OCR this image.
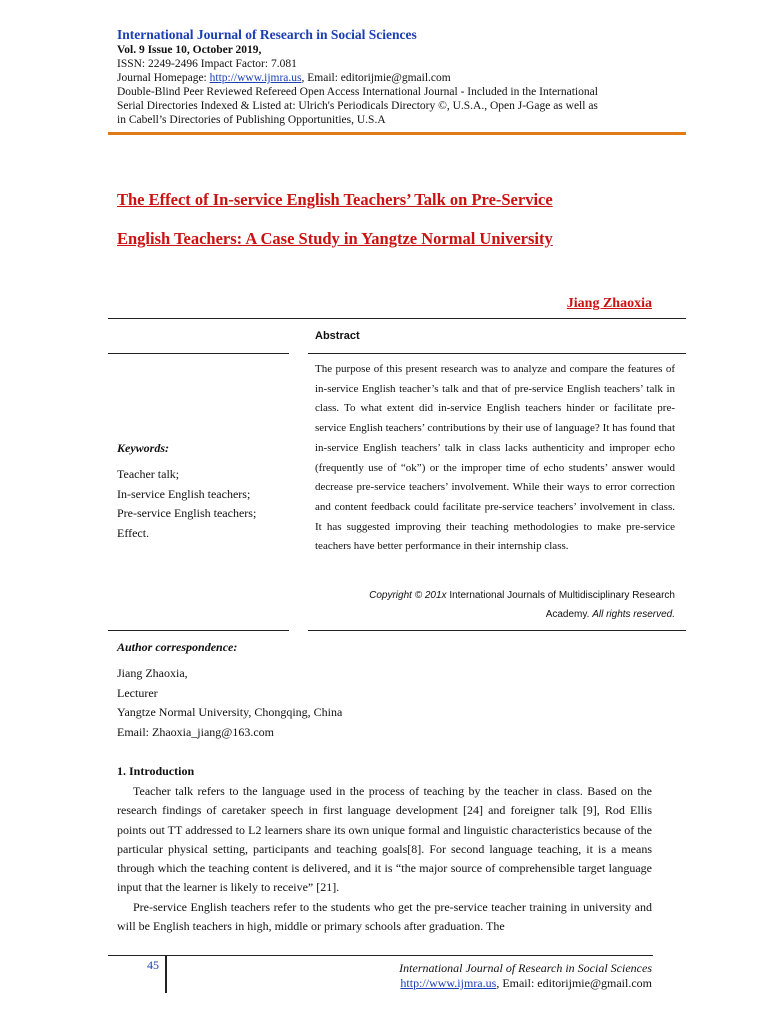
International Journal of Research in Social Sciences
Vol. 9 Issue 10, October 2019,
ISSN: 2249-2496 Impact Factor: 7.081
Journal Homepage: http://www.ijmra.us, Email: editorijmie@gmail.com
Double-Blind Peer Reviewed Refereed Open Access International Journal - Included in the International
Serial Directories Indexed & Listed at: Ulrich's Periodicals Directory ©, U.S.A., Open J-Gage as well as
in Cabell’s Directories of Publishing Opportunities, U.S.A
The Effect of In-service English Teachers’ Talk on Pre-Service
English Teachers: A Case Study in Yangtze Normal University
Jiang Zhaoxia
Abstract
The purpose of this present research was to analyze and compare the features of in-service English teacher’s talk and that of pre-service English teachers’ talk in class. To what extent did in-service English teachers hinder or facilitate pre-service English teachers’ contributions by their use of language? It has found that in-service English teachers’ talk in class lacks authenticity and improper echo (frequently use of “ok”) or the improper time of echo students’ answer would decrease pre-service teachers’ involvement. While their ways to error correction and content feedback could facilitate pre-service teachers’ involvement in class. It has suggested improving their teaching methodologies to make pre-service teachers have better performance in their internship class.
Keywords:
Teacher talk;
In-service English teachers;
Pre-service English teachers;
Effect.
Copyright © 201x International Journals of Multidisciplinary Research
Academy. All rights reserved.
Author correspondence:
Jiang Zhaoxia,
Lecturer
Yangtze Normal University, Chongqing, China
Email: Zhaoxia_jiang@163.com
1. Introduction

Teacher talk refers to the language used in the process of teaching by the teacher in class. Based on the research findings of caretaker speech in first language development [24] and foreigner talk [9], Rod Ellis points out TT addressed to L2 learners share its own unique formal and linguistic characteristics because of the particular physical setting, participants and teaching goals[8]. For second language teaching, it is a means through which the teaching content is delivered, and it is “the major source of comprehensible target language input that the learner is likely to receive” [21].

Pre-service English teachers refer to the students who get the pre-service teacher training in university and will be English teachers in high, middle or primary schools after graduation. The

45	International Journal of Research in Social Sciences
http://www.ijmra.us, Email: editorijmie@gmail.com
